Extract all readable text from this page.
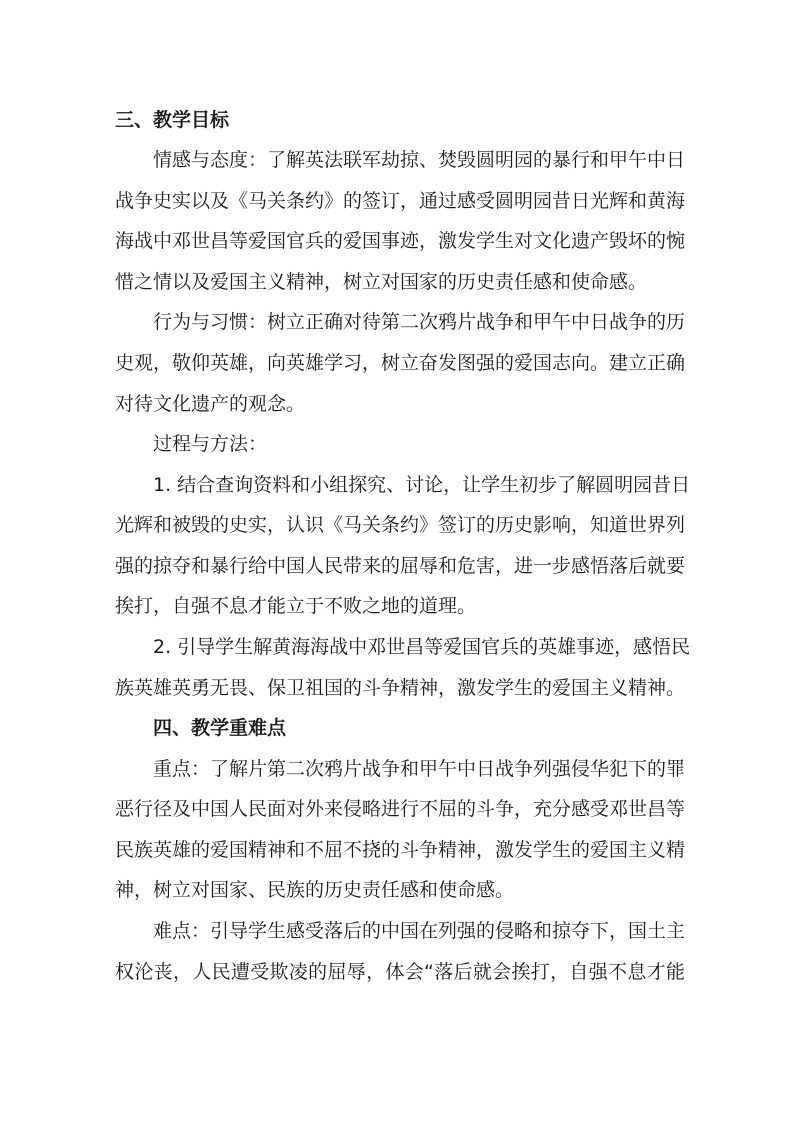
三、教学目标
情感与态度：了解英法联军劫掠、焚毁圆明园的暴行和甲午中日
战争史实以及《马关条约》的签订，通过感受圆明园昔日光辉和黄海
海战中邓世昌等爱国官兵的爱国事迹，激发学生对文化遗产毁坏的惋
惜之情以及爱国主义精神，树立对国家的历史责任感和使命感。
行为与习惯：树立正确对待第二次鸦片战争和甲午中日战争的历
史观，敬仰英雄，向英雄学习，树立奋发图强的爱国志向。建立正确
对待文化遗产的观念。
过程与方法：
1. 结合查询资料和小组探究、讨论，让学生初步了解圆明园昔日
光辉和被毁的史实，认识《马关条约》签订的历史影响，知道世界列
强的掠夺和暴行给中国人民带来的屈辱和危害，进一步感悟落后就要
挨打，自强不息才能立于不败之地的道理。
2. 引导学生解黄海海战中邓世昌等爱国官兵的英雄事迹，感悟民
族英雄英勇无畏、保卫祖国的斗争精神，激发学生的爱国主义精神。
四、教学重难点
重点：了解片第二次鸦片战争和甲午中日战争列强侵华犯下的罪
恶行径及中国人民面对外来侵略进行不屈的斗争，充分感受邓世昌等
民族英雄的爱国精神和不屈不挠的斗争精神，激发学生的爱国主义精
神，树立对国家、民族的历史责任感和使命感。
难点：引导学生感受落后的中国在列强的侵略和掠夺下，国土主
权沦丧，人民遭受欺凌的屈辱，体会“落后就会挨打，自强不息才能
